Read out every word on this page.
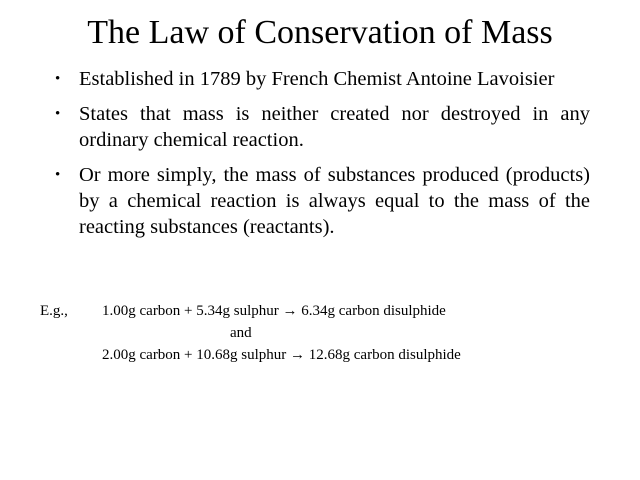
The Law of Conservation of Mass
• Established in 1789 by French Chemist Antoine Lavoisier
• States that mass is neither created nor destroyed in any ordinary chemical reaction.
• Or more simply, the mass of substances produced (products) by a chemical reaction is always equal to the mass of the reacting substances (reactants).
E.g., 1.00g carbon + 5.34g sulphur → 6.34g carbon disulphide
and
2.00g carbon + 10.68g sulphur → 12.68g carbon disulphide
